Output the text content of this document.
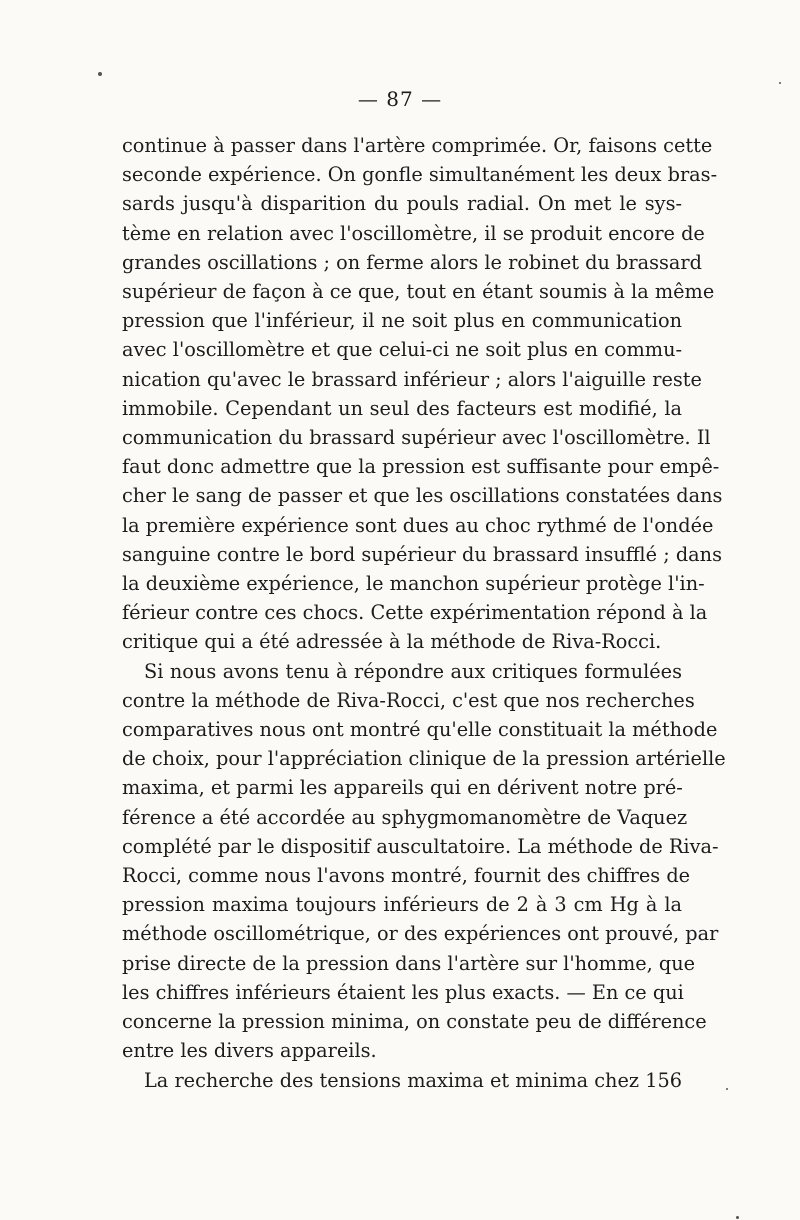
— 87 —
continue à passer dans l'artère comprimée. Or, faisons cette
seconde expérience. On gonfle simultanément les deux bras-
sards jusqu'à disparition du pouls radial. On met le sys-
tème en relation avec l'oscillomètre, il se produit encore de
grandes oscillations ; on ferme alors le robinet du brassard
supérieur de façon à ce que, tout en étant soumis à la même
pression que l'inférieur, il ne soit plus en communication
avec l'oscillomètre et que celui-ci ne soit plus en commu-
nication qu'avec le brassard inférieur ; alors l'aiguille reste
immobile. Cependant un seul des facteurs est modifié, la
communication du brassard supérieur avec l'oscillomètre. Il
faut donc admettre que la pression est suffisante pour empê-
cher le sang de passer et que les oscillations constatées dans
la première expérience sont dues au choc rythmé de l'ondée
sanguine contre le bord supérieur du brassard insufflé ; dans
la deuxième expérience, le manchon supérieur protège l'in-
férieur contre ces chocs. Cette expérimentation répond à la
critique qui a été adressée à la méthode de Riva-Rocci.
Si nous avons tenu à répondre aux critiques formulées
contre la méthode de Riva-Rocci, c'est que nos recherches
comparatives nous ont montré qu'elle constituait la méthode
de choix, pour l'appréciation clinique de la pression artérielle
maxima, et parmi les appareils qui en dérivent notre pré-
férence a été accordée au sphygmomanomètre de Vaquez
complété par le dispositif auscultatoire. La méthode de Riva-
Rocci, comme nous l'avons montré, fournit des chiffres de
pression maxima toujours inférieurs de 2 à 3 cm Hg à la
méthode oscillométrique, or des expériences ont prouvé, par
prise directe de la pression dans l'artère sur l'homme, que
les chiffres inférieurs étaient les plus exacts. — En ce qui
concerne la pression minima, on constate peu de différence
entre les divers appareils.
La recherche des tensions maxima et minima chez 156
